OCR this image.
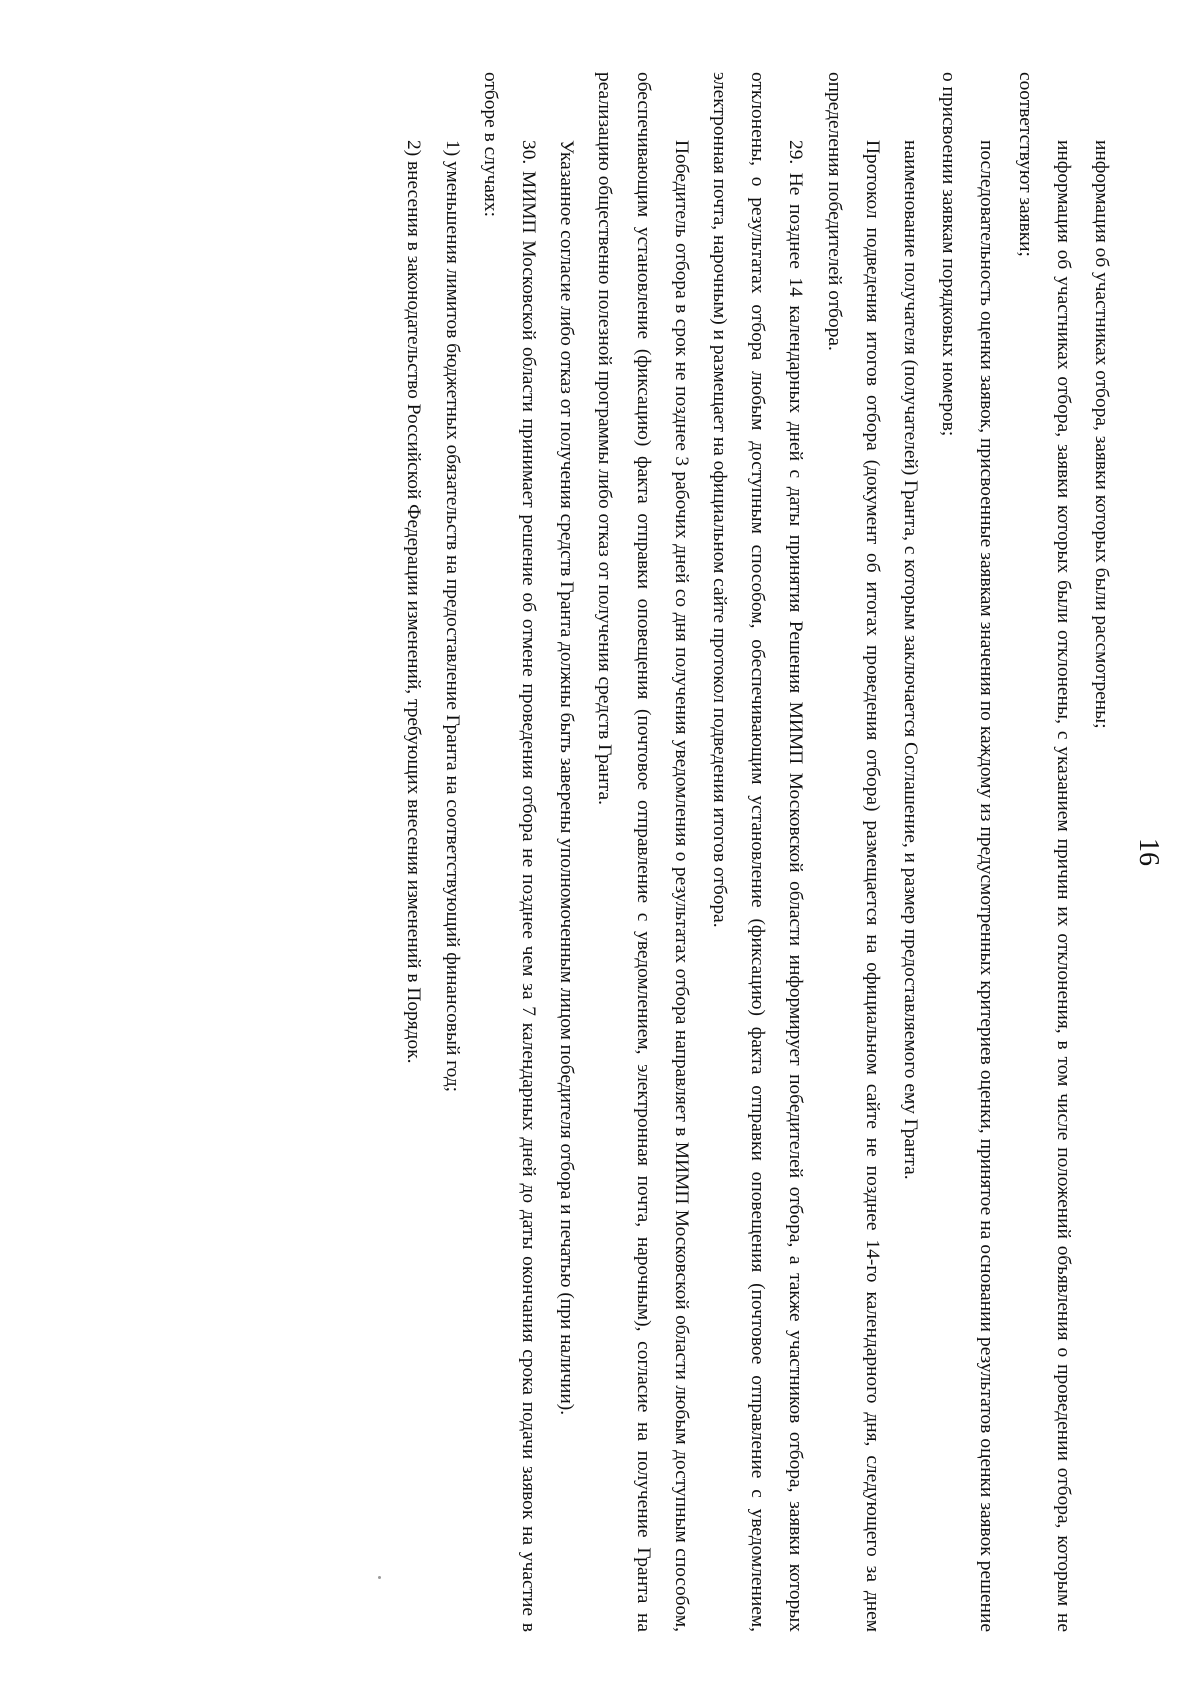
16

информация об участниках отбора, заявки которых были рассмотрены;

информация об участниках отбора, заявки которых были отклонены, с указанием причин их отклонения, в том числе положений объявления о проведении отбора, которым не соответствуют заявки;

последовательность оценки заявок, присвоенные заявкам значения по каждому из предусмотренных критериев оценки, принятое на основании результатов оценки заявок решение о присвоении заявкам порядковых номеров;

наименование получателя (получателей) Гранта, с которым заключается Соглашение, и размер предоставляемого ему Гранта.

Протокол подведения итогов отбора (документ об итогах проведения отбора) размещается на официальном сайте не позднее 14-го календарного дня, следующего за днем определения победителей отбора.

29. Не позднее 14 календарных дней с даты принятия Решения МИМП Московской области информирует победителей отбора, а также участников отбора, заявки которых отклонены, о результатах отбора любым доступным способом, обеспечивающим установление (фиксацию) факта отправки оповещения (почтовое отправление с уведомлением, электронная почта, нарочным) и размещает на официальном сайте протокол подведения итогов отбора.

Победитель отбора в срок не позднее 3 рабочих дней со дня получения уведомления о результатах отбора направляет в МИМП Московской области любым доступным способом, обеспечивающим установление (фиксацию) факта отправки оповещения (почтовое отправление с уведомлением, электронная почта, нарочным), согласие на получение Гранта на реализацию общественно полезной программы либо отказ от получения средств Гранта.

Указанное согласие либо отказ от получения средств Гранта должны быть заверены уполномоченным лицом победителя отбора и печатью (при наличии).

30. МИМП Московской области принимает решение об отмене проведения отбора не позднее чем за 7 календарных дней до даты окончания срока подачи заявок на участие в отборе в случаях:

1) уменьшения лимитов бюджетных обязательств на предоставление Гранта на соответствующий финансовый год;

2) внесения в законодательство Российской Федерации изменений, требующих внесения изменений в Порядок.
